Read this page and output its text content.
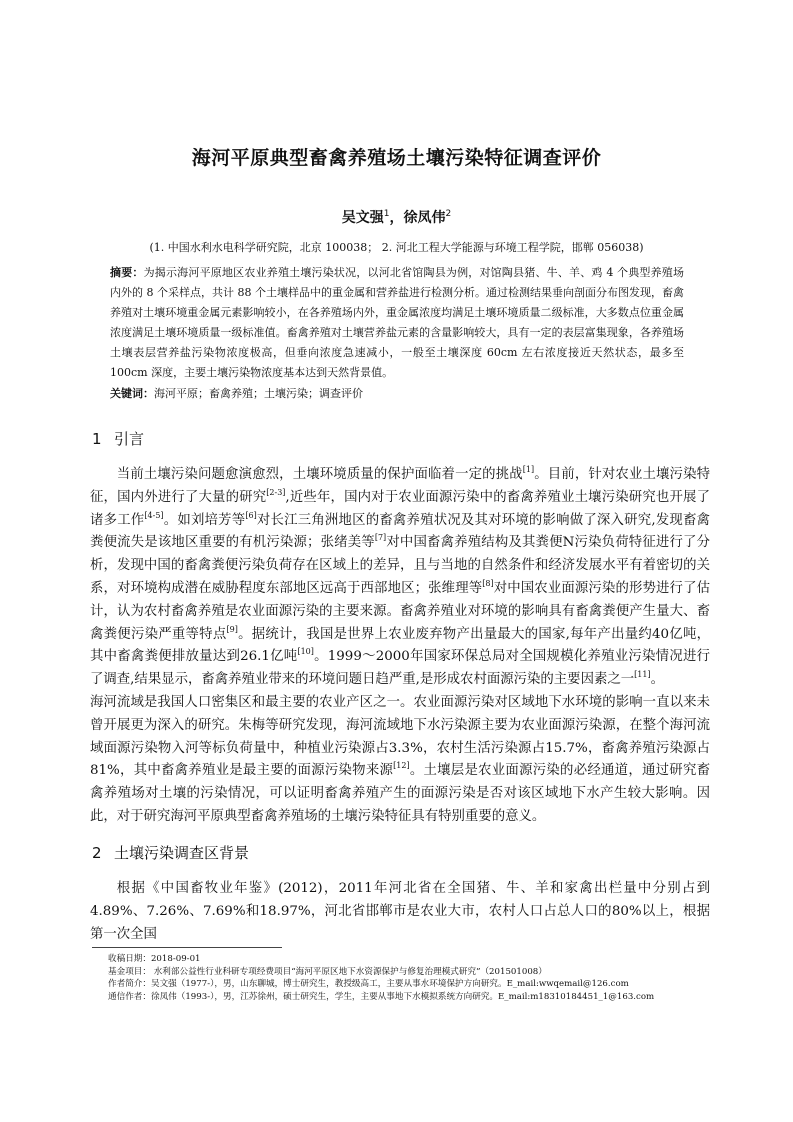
海河平原典型畜禽养殖场土壤污染特征调查评价
吴文强$^1$，徐凤伟$^2$
(1. 中国水利水电科学研究院，北京 100038； 2. 河北工程大学能源与环境工程学院，邯郸 056038)
摘要：为揭示海河平原地区农业养殖土壤污染状况，以河北省馆陶县为例，对馆陶县猪、牛、羊、鸡 4 个典型养殖场内外的 8 个采样点，共计 88 个土壤样品中的重金属和营养盐进行检测分析。通过检测结果垂向剖面分布图发现，畜禽养殖对土壤环境重金属元素影响较小，在各养殖场内外，重金属浓度均满足土壤环境质量二级标准，大多数点位重金属浓度满足土壤环境质量一级标准值。畜禽养殖对土壤营养盐元素的含量影响较大，具有一定的表层富集现象，各养殖场土壤表层营养盐污染物浓度极高，但垂向浓度急速减小，一般至土壤深度 60cm 左右浓度接近天然状态，最多至 100cm 深度，主要土壤污染物浓度基本达到天然背景值。
关键词：海河平原；畜禽养殖；土壤污染；调查评价
1 引言
当前土壤污染问题愈演愈烈，土壤环境质量的保护面临着一定的挑战[1]。目前，针对农业土壤污染特征，国内外进行了大量的研究[2-3],近些年，国内对于农业面源污染中的畜禽养殖业土壤污染研究也开展了诸多工作[4-5]。如刘培芳等[6]对长江三角洲地区的畜禽养殖状况及其对环境的影响做了深入研究,发现畜禽粪便流失是该地区重要的有机污染源；张绪美等[7]对中国畜禽养殖结构及其粪便N污染负荷特征进行了分析，发现中国的畜禽粪便污染负荷存在区域上的差异，且与当地的自然条件和经济发展水平有着密切的关系，对环境构成潜在威胁程度东部地区远高于西部地区；张维理等[8]对中国农业面源污染的形势进行了估计，认为农村畜禽养殖是农业面源污染的主要来源。畜禽养殖业对环境的影响具有畜禽粪便产生量大、畜禽粪便污染严重等特点[9]。据统计，我国是世界上农业废弃物产出量最大的国家,每年产出量约40亿吨，其中畜禽粪便排放量达到26.1亿吨[10]。1999～2000年国家环保总局对全国规模化养殖业污染情况进行了调查,结果显示，畜禽养殖业带来的环境问题日趋严重,是形成农村面源污染的主要因素之一[11]。
海河流域是我国人口密集区和最主要的农业产区之一。农业面源污染对区域地下水环境的影响一直以来未曾开展更为深入的研究。朱梅等研究发现，海河流域地下水污染源主要为农业面源污染源，在整个海河流域面源污染物入河等标负荷量中，种植业污染源占3.3%，农村生活污染源占15.7%，畜禽养殖污染源占81%，其中畜禽养殖业是最主要的面源污染物来源[12]。土壤层是农业面源污染的必经通道，通过研究畜禽养殖场对土壤的污染情况，可以证明畜禽养殖产生的面源污染是否对该区域地下水产生较大影响。因此，对于研究海河平原典型畜禽养殖场的土壤污染特征具有特别重要的意义。
2 土壤污染调查区背景
根据《中国畜牧业年鉴》(2012)，2011年河北省在全国猪、牛、羊和家禽出栏量中分别占到4.89%、7.26%、7.69%和18.97%，河北省邯郸市是农业大市，农村人口占总人口的80%以上，根据第一次全国
收稿日期：2018-09-01
基金项目： 水利部公益性行业科研专项经费项目“海河平原区地下水资源保护与修复治理模式研究”（201501008）
作者简介：吴文强（1977-），男，山东聊城，博士研究生，教授级高工，主要从事水环境保护方向研究。E_mail:wwqemail@126.com
通信作者：徐凤伟（1993-），男，江苏徐州，硕士研究生，学生，主要从事地下水模拟系统方向研究。E_mail:m18310184451_1@163.com
